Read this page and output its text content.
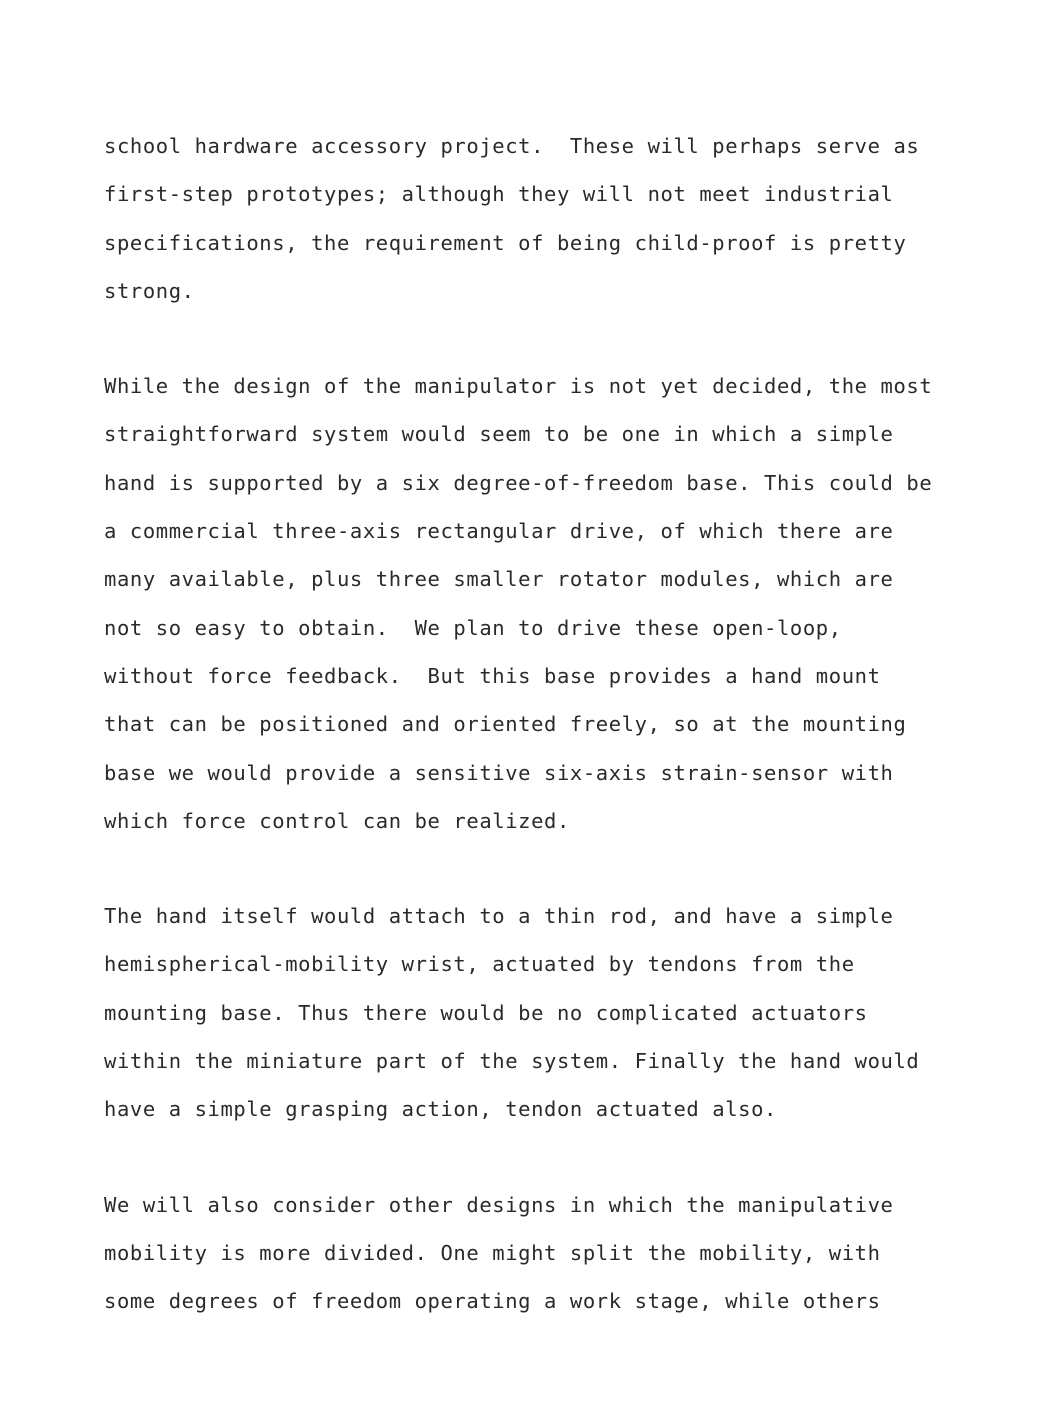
school hardware accessory project.  These will perhaps serve as
first-step prototypes; although they will not meet industrial
specifications, the requirement of being child-proof is pretty
strong.

While the design of the manipulator is not yet decided, the most
straightforward system would seem to be one in which a simple
hand is supported by a six degree-of-freedom base. This could be
a commercial three-axis rectangular drive, of which there are
many available, plus three smaller rotator modules, which are
not so easy to obtain.  We plan to drive these open-loop,
without force feedback.  But this base provides a hand mount
that can be positioned and oriented freely, so at the mounting
base we would provide a sensitive six-axis strain-sensor with
which force control can be realized.

The hand itself would attach to a thin rod, and have a simple
hemispherical-mobility wrist, actuated by tendons from the
mounting base. Thus there would be no complicated actuators
within the miniature part of the system. Finally the hand would
have a simple grasping action, tendon actuated also.

We will also consider other designs in which the manipulative
mobility is more divided. One might split the mobility, with
some degrees of freedom operating a work stage, while others
